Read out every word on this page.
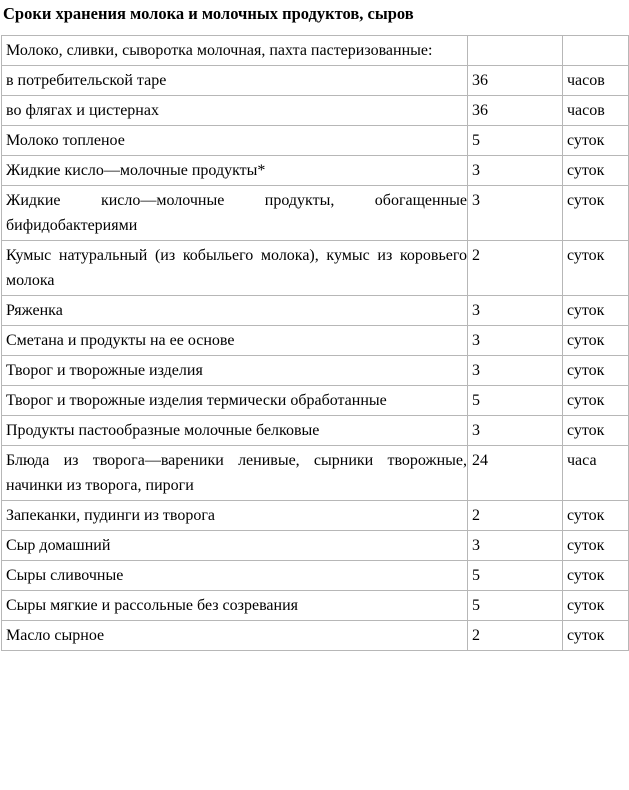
Сроки хранения молока и молочных продуктов, сыров
Молоко, сливки, сыворотка молочная, пахта пастеризованные:		
в потребительской таре	36	часов
во флягах и цистернах	36	часов
Молоко топленое	5	суток
Жидкие кисло—молочные продукты*	3	суток
Жидкие кисло—молочные продукты, обогащенные бифидобактериями	3	суток
Кумыс натуральный (из кобыльего молока), кумыс из коровьего молока	2	суток
Ряженка	3	суток
Сметана и продукты на ее основе	3	суток
Творог и творожные изделия	3	суток
Творог и творожные изделия термически обработанные	5	суток
Продукты пастообразные молочные белковые	3	суток
Блюда из творога—вареники ленивые, сырники творожные, начинки из творога, пироги	24	часа
Запеканки, пудинги из творога	2	суток
Сыр домашний	3	суток
Сыры сливочные	5	суток
Сыры мягкие и рассольные без созревания	5	суток
Масло сырное	2	суток
